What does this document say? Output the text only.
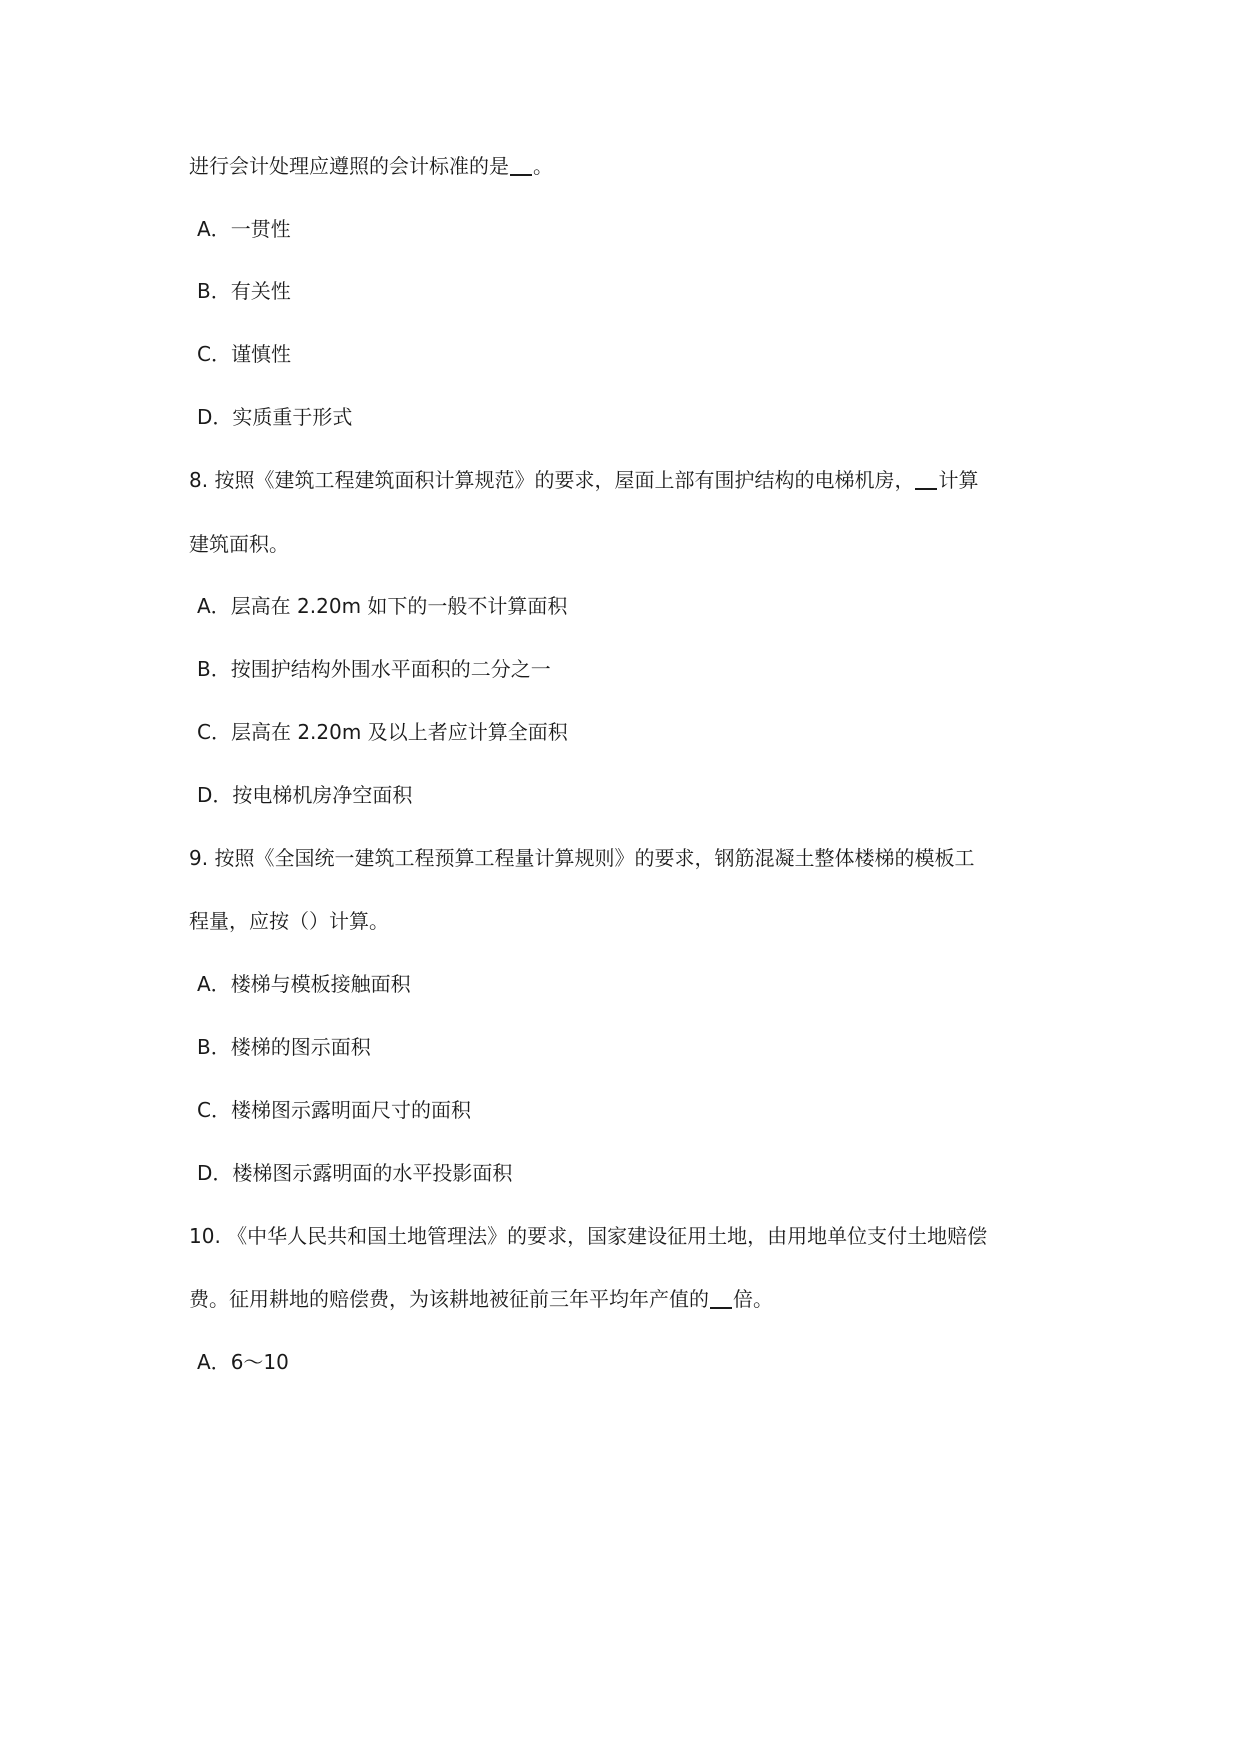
进行会计处理应遵照的会计标准的是 。
A．一贯性
B．有关性
C．谨慎性
D．实质重于形式
8. 按照《建筑工程建筑面积计算规范》的要求，屋面上部有围护结构的电梯机房， 计算
建筑面积。
A．层高在 2.20m 如下的一般不计算面积
B．按围护结构外围水平面积的二分之一
C．层高在 2.20m 及以上者应计算全面积
D．按电梯机房净空面积
9. 按照《全国统一建筑工程预算工程量计算规则》的要求，钢筋混凝土整体楼梯的模板工
程量，应按（）计算。
A．楼梯与模板接触面积
B．楼梯的图示面积
C．楼梯图示露明面尺寸的面积
D．楼梯图示露明面的水平投影面积
10. 《中华人民共和国土地管理法》的要求，国家建设征用土地，由用地单位支付土地赔偿
费。征用耕地的赔偿费，为该耕地被征前三年平均年产值的 倍。
A．6～10
